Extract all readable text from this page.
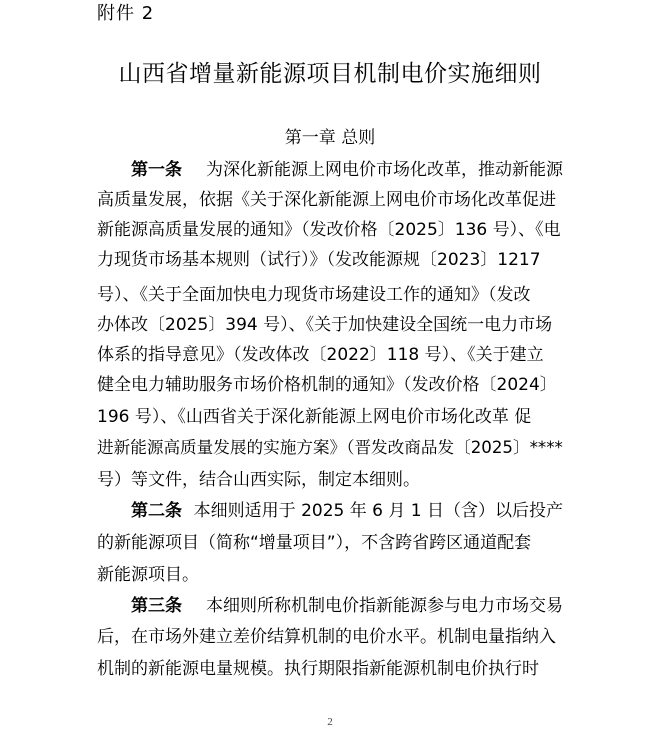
附件 2
山西省增量新能源项目机制电价实施细则
第一章 总则
第一条 为深化新能源上网电价市场化改革，推动新能源
高质量发展，依据《关于深化新能源上网电价市场化改革促进
新能源高质量发展的通知》（发改价格〔2025〕136 号）、《电
力现货市场基本规则（试行）》（发改能源规〔2023〕1217
号）、《关于全面加快电力现货市场建设工作的通知》（发改
办体改〔2025〕394 号）、《关于加快建设全国统一电力市场
体系的指导意见》（发改体改〔2022〕118 号）、《关于建立
健全电力辅助服务市场价格机制的通知》（发改价格〔2024〕
196 号）、《山西省关于深化新能源上网电价市场化改革 促
进新能源高质量发展的实施方案》（晋发改商品发〔2025〕****
号）等文件，结合山西实际，制定本细则。
第二条 本细则适用于 2025 年 6 月 1 日（含）以后投产
的新能源项目（简称“增量项目”），不含跨省跨区通道配套
新能源项目。
第三条 本细则所称机制电价指新能源参与电力市场交易
后，在市场外建立差价结算机制的电价水平。机制电量指纳入
机制的新能源电量规模。执行期限指新能源机制电价执行时
2
